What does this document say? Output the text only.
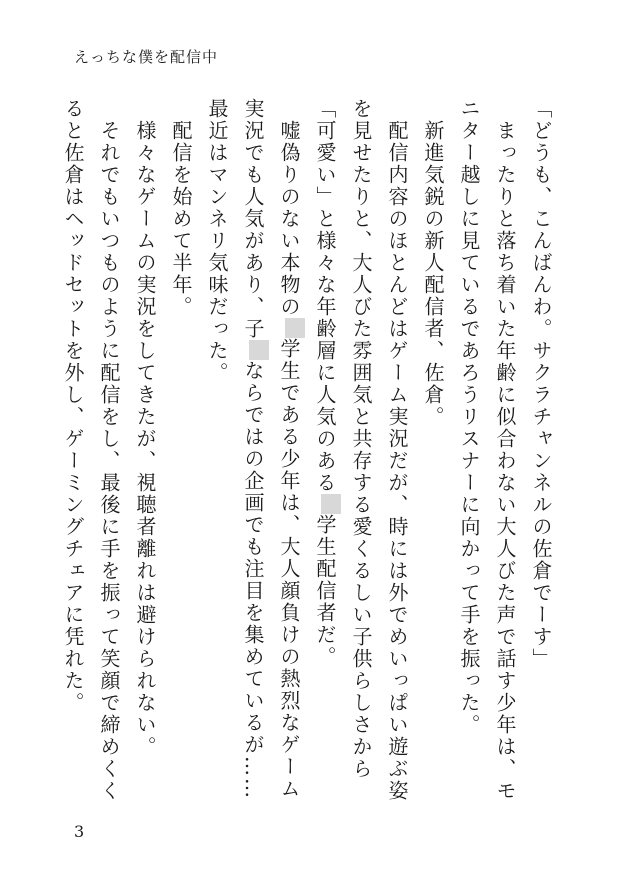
えっちな僕を配信中
「どうも、こんばんわ。サクラチャンネルの佐倉でーす」
　まったりと落ち着いた年齢に似合わない大人びた声で話す少年は、モニター越しに見ているであろうリスナーに向かって手を振った。
　新進気鋭の新人配信者、佐倉。
　配信内容のほとんどはゲーム実況だが、時には外でめいっぱい遊ぶ姿を見せたりと、大人びた雰囲気と共存する愛くるしい子供らしさから「可愛い」と様々な年齢層に人気のある学生配信者だ。
　嘘偽りのない本物の学生である少年は、大人顔負けの熱烈なゲーム実況でも人気があり、子ならではの企画でも注目を集めているが……最近はマンネリ気味だった。
　配信を始めて半年。
　様々なゲームの実況をしてきたが、視聴者離れは避けられない。
　それでもいつものように配信をし、最後に手を振って笑顔で締めくくると佐倉はヘッドセットを外し、ゲーミングチェアに凭れた。
3
